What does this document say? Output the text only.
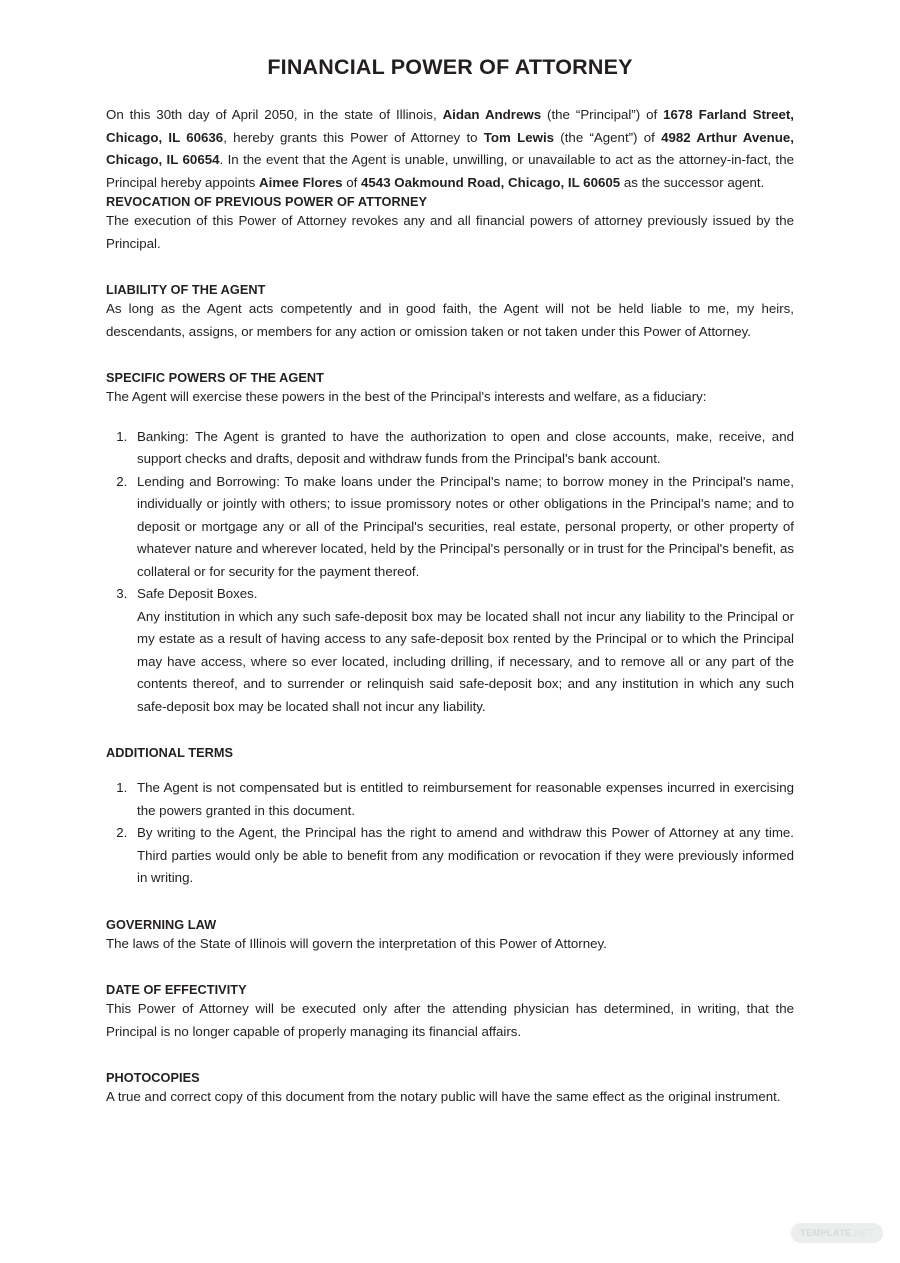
FINANCIAL POWER OF ATTORNEY

On this 30th day of April 2050, in the state of Illinois, Aidan Andrews (the “Principal”) of 1678 Farland Street, Chicago, IL 60636, hereby grants this Power of Attorney to Tom Lewis (the “Agent”) of 4982 Arthur Avenue, Chicago, IL 60654. In the event that the Agent is unable, unwilling, or unavailable to act as the attorney-in-fact, the Principal hereby appoints Aimee Flores of 4543 Oakmound Road, Chicago, IL 60605 as the successor agent.

REVOCATION OF PREVIOUS POWER OF ATTORNEY

The execution of this Power of Attorney revokes any and all financial powers of attorney previously issued by the Principal.

LIABILITY OF THE AGENT

As long as the Agent acts competently and in good faith, the Agent will not be held liable to me, my heirs, descendants, assigns, or members for any action or omission taken or not taken under this Power of Attorney.

SPECIFIC POWERS OF THE AGENT

The Agent will exercise these powers in the best of the Principal's interests and welfare, as a fiduciary:

1. Banking: The Agent is granted to have the authorization to open and close accounts, make, receive, and support checks and drafts, deposit and withdraw funds from the Principal's bank account.
2. Lending and Borrowing: To make loans under the Principal's name; to borrow money in the Principal's name, individually or jointly with others; to issue promissory notes or other obligations in the Principal's name; and to deposit or mortgage any or all of the Principal's securities, real estate, personal property, or other property of whatever nature and wherever located, held by the Principal's personally or in trust for the Principal's benefit, as collateral or for security for the payment thereof.
3. Safe Deposit Boxes.
Any institution in which any such safe-deposit box may be located shall not incur any liability to the Principal or my estate as a result of having access to any safe-deposit box rented by the Principal or to which the Principal may have access, where so ever located, including drilling, if necessary, and to remove all or any part of the contents thereof, and to surrender or relinquish said safe-deposit box; and any institution in which any such safe-deposit box may be located shall not incur any liability.
ADDITIONAL TERMS
1. The Agent is not compensated but is entitled to reimbursement for reasonable expenses incurred in exercising the powers granted in this document.
2. By writing to the Agent, the Principal has the right to amend and withdraw this Power of Attorney at any time. Third parties would only be able to benefit from any modification or revocation if they were previously informed in writing.
GOVERNING LAW

The laws of the State of Illinois will govern the interpretation of this Power of Attorney.

DATE OF EFFECTIVITY

This Power of Attorney will be executed only after the attending physician has determined, in writing, that the Principal is no longer capable of properly managing its financial affairs.

PHOTOCOPIES

A true and correct copy of this document from the notary public will have the same effect as the original instrument.

TEMPLATE .NET
